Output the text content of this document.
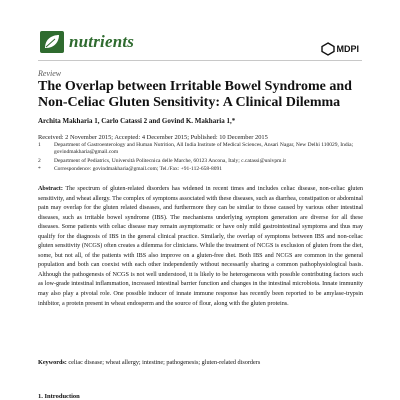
nutrients	MDPI
Review
The Overlap between Irritable Bowel Syndrome and Non-Celiac Gluten Sensitivity: A Clinical Dilemma
Archita Makharia 1, Carlo Catassi 2 and Govind K. Makharia 1,*
Received: 2 November 2015; Accepted: 4 December 2015; Published: 10 December 2015
1	Department of Gastroenterology and Human Nutrition, All India Institute of Medical Sciences, Ansari Nagar, New Delhi 110029, India; govindmakharia@gmail.com
2	Department of Pediatrics, Università Politecnica delle Marche, 60123 Ancona, Italy; c.catassi@univpm.it
*	Correspondence: govindmakharia@gmail.com; Tel./Fax: +91-112-658-8091

Abstract: The spectrum of gluten-related disorders has widened in recent times and includes celiac disease, non-celiac gluten sensitivity, and wheat allergy. The complex of symptoms associated with these diseases, such as diarrhea, constipation or abdominal pain may overlap for the gluten related diseases, and furthermore they can be similar to those caused by various other intestinal diseases, such as irritable bowel syndrome (IBS). The mechanisms underlying symptom generation are diverse for all these diseases. Some patients with celiac disease may remain asymptomatic or have only mild gastrointestinal symptoms and thus may qualify for the diagnosis of IBS in the general clinical practice. Similarly, the overlap of symptoms between IBS and non-celiac gluten sensitivity (NCGS) often creates a dilemma for clinicians. While the treatment of NCGS is exclusion of gluten from the diet, some, but not all, of the patients with IBS also improve on a gluten-free diet. Both IBS and NCGS are common in the general population and both can coexist with each other independently without necessarily sharing a common pathophysiological basis. Although the pathogenesis of NCGS is not well understood, it is likely to be heterogeneous with possible contributing factors such as low-grade intestinal inflammation, increased intestinal barrier function and changes in the intestinal microbiota. Innate immunity may also play a pivotal role. One possible inducer of innate immune response has recently been reported to be amylase-trypsin inhibitor, a protein present in wheat endosperm and the source of flour, along with the gluten proteins.

Keywords: celiac disease; wheat allergy; intestine; pathogenesis; gluten-related disorders

1. Introduction
